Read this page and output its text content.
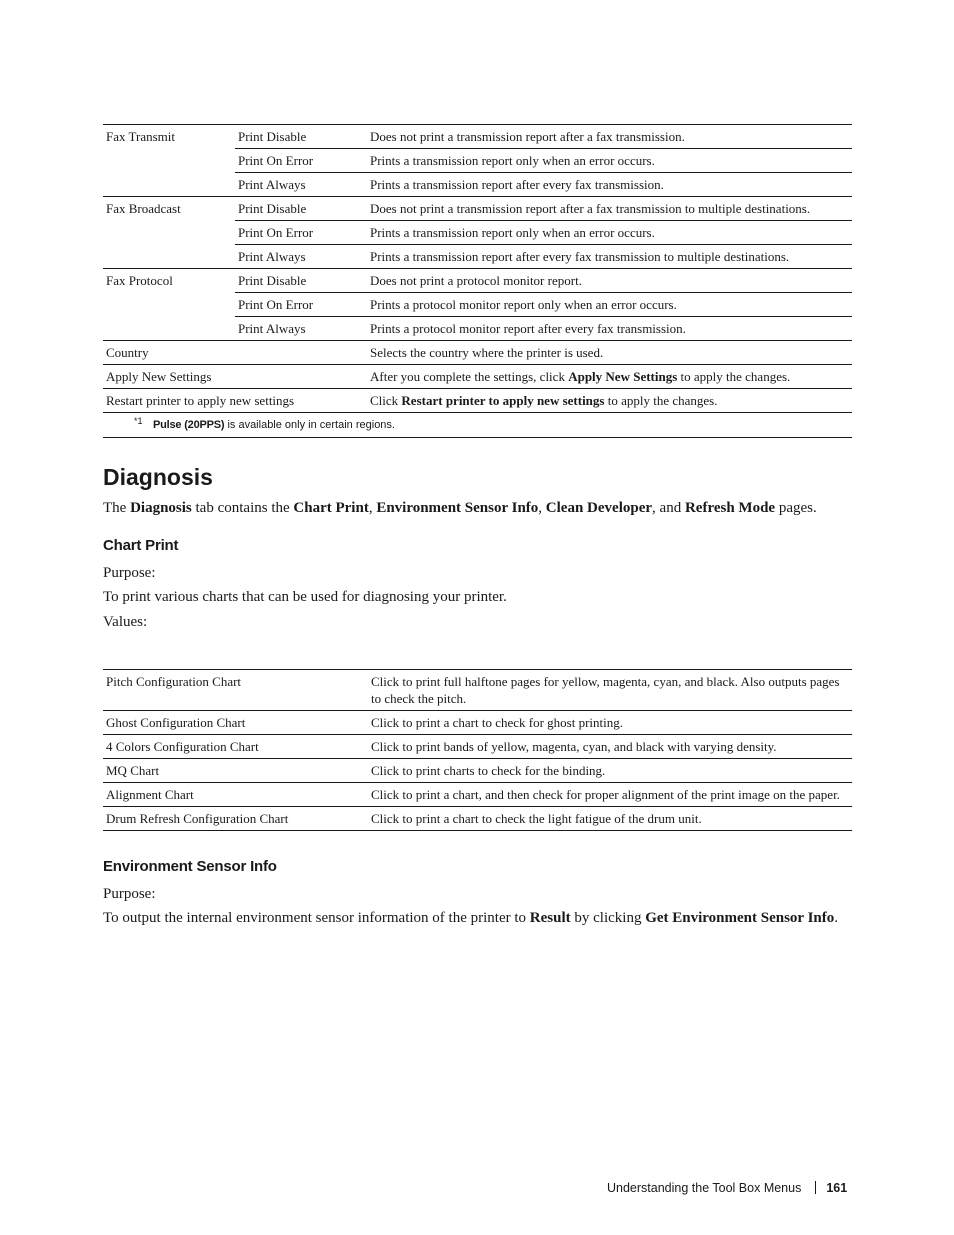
Fax Transmit	Print Disable	Does not print a transmission report after a fax transmission.
	Print On Error	Prints a transmission report only when an error occurs.
	Print Always	Prints a transmission report after every fax transmission.
Fax Broadcast	Print Disable	Does not print a transmission report after a fax transmission to multiple destinations.
	Print On Error	Prints a transmission report only when an error occurs.
	Print Always	Prints a transmission report after every fax transmission to multiple destinations.
Fax Protocol	Print Disable	Does not print a protocol monitor report.
	Print On Error	Prints a protocol monitor report only when an error occurs.
	Print Always	Prints a protocol monitor report after every fax transmission.
Country		Selects the country where the printer is used.
Apply New Settings		After you complete the settings, click Apply New Settings to apply the changes.
Restart printer to apply new settings		Click Restart printer to apply new settings to apply the changes.
*1 Pulse (20PPS) is available only in certain regions.
Diagnosis

The Diagnosis tab contains the Chart Print, Environment Sensor Info, Clean Developer, and Refresh Mode pages.

Chart Print

Purpose:

To print various charts that can be used for diagnosing your printer.

Values:

Pitch Configuration Chart	Click to print full halftone pages for yellow, magenta, cyan, and black. Also outputs pages to check the pitch.
Ghost Configuration Chart	Click to print a chart to check for ghost printing.
4 Colors Configuration Chart	Click to print bands of yellow, magenta, cyan, and black with varying density.
MQ Chart	Click to print charts to check for the binding.
Alignment Chart	Click to print a chart, and then check for proper alignment of the print image on the paper.
Drum Refresh Configuration Chart	Click to print a chart to check the light fatigue of the drum unit.
Environment Sensor Info

Purpose:

To output the internal environment sensor information of the printer to Result by clicking Get Environment Sensor Info.

Understanding the Tool Box Menus 161
